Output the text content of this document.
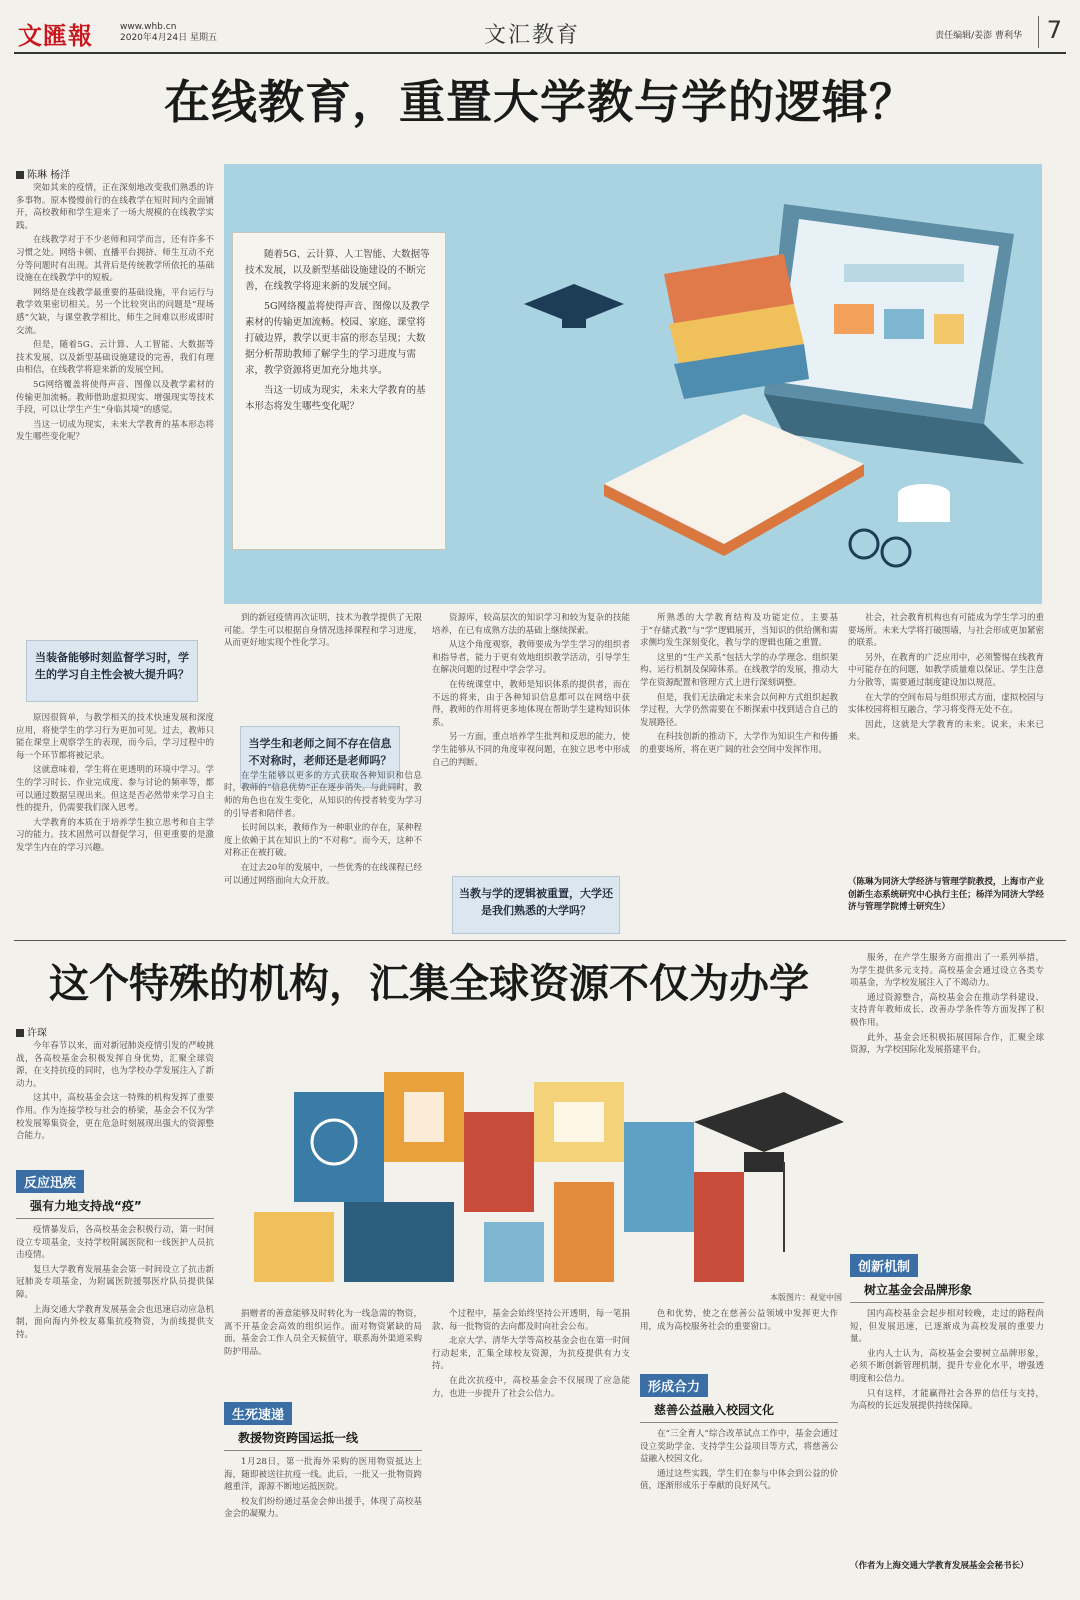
文匯報	www.whb.cn
2020年4月24日 星期五	文汇教育	责任编辑/姜澎 曹利华	7
在线教育，重置大学教与学的逻辑？
陈琳 杨洋

突如其来的疫情，正在深刻地改变我们熟悉的许多事物。原本慢慢前行的在线教学在短时间内全面铺开，高校教师和学生迎来了一场大规模的在线教学实践。

在线教学对于不少老师和同学而言，还有许多不习惯之处。网络卡顿、直播平台拥挤、师生互动不充分等问题时有出现。其背后是传统教学所依托的基础设施在在线教学中的短板。

网络是在线教学最重要的基础设施，平台运行与教学效果密切相关。另一个比较突出的问题是“现场感”欠缺，与课堂教学相比，师生之间难以形成即时交流。

但是，随着5G、云计算、人工智能、大数据等技术发展，以及新型基础设施建设的完善，我们有理由相信，在线教学将迎来新的发展空间。

5G网络覆盖将使得声音、图像以及教学素材的传输更加流畅。教师借助虚拟现实、增强现实等技术手段，可以让学生产生“身临其境”的感觉。

当这一切成为现实，未来大学教育的基本形态将发生哪些变化呢？

随着5G、云计算、人工智能、大数据等技术发展，以及新型基础设施建设的不断完善，在线教学将迎来新的发展空间。

5G网络覆盖将使得声音、图像以及教学素材的传输更加流畅。校园、家庭、课堂将打破边界，教学以更丰富的形态呈现；大数据分析帮助教师了解学生的学习进度与需求，教学资源将更加充分地共享。

当这一切成为现实，未来大学教育的基本形态将发生哪些变化呢？

当装备能够时刻监督学习时，学生的学习自主性会被大提升吗？
当学生和老师之间不存在信息不对称时，老师还是老师吗？
当教与学的逻辑被重置，大学还是我们熟悉的大学吗？

原因很简单，与教学相关的技术快速发展和深度应用，将使学生的学习行为更加可见。过去，教师只能在课堂上观察学生的表现，而今后，学习过程中的每一个环节都将被记录。

这就意味着，学生将在更透明的环境中学习。学生的学习时长、作业完成度、参与讨论的频率等，都可以通过数据呈现出来。但这是否必然带来学习自主性的提升，仍需要我们深入思考。

大学教育的本质在于培养学生独立思考和自主学习的能力。技术固然可以督促学习，但更重要的是激发学生内在的学习兴趣。

到的新冠疫情再次证明，技术为教学提供了无限可能。学生可以根据自身情况选择课程和学习进度，从而更好地实现个性化学习。

在学生能够以更多的方式获取各种知识和信息时，教师的“信息优势”正在逐步消失。与此同时，教师的角色也在发生变化，从知识的传授者转变为学习的引导者和陪伴者。

长时间以来，教师作为一种职业的存在，某种程度上依赖于其在知识上的“不对称”。而今天，这种不对称正在被打破。

在过去20年的发展中，一些优秀的在线课程已经可以通过网络面向大众开放。

资源库，较高层次的知识学习和较为复杂的技能培养，在已有成熟方法的基础上继续探索。

从这个角度观察，教师要成为学生学习的组织者和指导者，能力于更有效地组织教学活动，引导学生在解决问题的过程中学会学习。

在传统课堂中，教师是知识体系的提供者，而在不远的将来，由于各种知识信息都可以在网络中获得，教师的作用将更多地体现在帮助学生建构知识体系。

另一方面，重点培养学生批判和反思的能力，使学生能够从不同的角度审视问题，在独立思考中形成自己的判断。

所熟悉的大学教育结构及功能定位，主要基于“存储式教”与“学”逻辑展开，当知识的供给侧和需求侧均发生深刻变化，教与学的逻辑也随之重置。

这里的“生产关系”包括大学的办学理念、组织架构、运行机制及保障体系。在线教学的发展，推动大学在资源配置和管理方式上进行深刻调整。

但是，我们无法确定未来会以何种方式组织起教学过程，大学仍然需要在不断探索中找到适合自己的发展路径。

在科技创新的推动下，大学作为知识生产和传播的重要场所，将在更广阔的社会空间中发挥作用。

社会，社会教育机构也有可能成为学生学习的重要场所。未来大学将打破围墙，与社会形成更加紧密的联系。

另外，在教育的广泛应用中，必须警惕在线教育中可能存在的问题，如教学质量难以保证、学生注意力分散等，需要通过制度建设加以规范。

在大学的空间布局与组织形式方面，虚拟校园与实体校园将相互融合，学习将变得无处不在。

因此，这就是大学教育的未来。说来，未来已来。

（陈琳为同济大学经济与管理学院教授，上海市产业创新生态系统研究中心执行主任；杨洋为同济大学经济与管理学院博士研究生）
这个特殊的机构，汇集全球资源不仅为办学
许琛

今年春节以来，面对新冠肺炎疫情引发的严峻挑战，各高校基金会积极发挥自身优势，汇聚全球资源，在支持抗疫的同时，也为学校办学发展注入了新动力。

这其中，高校基金会这一特殊的机构发挥了重要作用。作为连接学校与社会的桥梁，基金会不仅为学校发展筹集资金，更在危急时刻展现出强大的资源整合能力。

反应迅疾
强有力地支持战“疫”

疫情暴发后，各高校基金会积极行动，第一时间设立专项基金，支持学校附属医院和一线医护人员抗击疫情。

复旦大学教育发展基金会第一时间设立了抗击新冠肺炎专项基金，为附属医院援鄂医疗队员提供保障。

上海交通大学教育发展基金会也迅速启动应急机制，面向海内外校友募集抗疫物资，为前线提供支持。

本版图片：视觉中国

捐赠者的善意能够及时转化为一线急需的物资，离不开基金会高效的组织运作。面对物资紧缺的局面，基金会工作人员全天候值守，联系海外渠道采购防护用品。

生死速递
教援物资跨国运抵一线

1月28日，第一批海外采购的医用物资抵达上海，随即被送往抗疫一线。此后，一批又一批物资跨越重洋，源源不断地运抵医院。

校友们纷纷通过基金会伸出援手，体现了高校基金会的凝聚力。

个过程中，基金会始终坚持公开透明，每一笔捐款、每一批物资的去向都及时向社会公布。

北京大学、清华大学等高校基金会也在第一时间行动起来，汇集全球校友资源，为抗疫提供有力支持。

在此次抗疫中，高校基金会不仅展现了应急能力，也进一步提升了社会公信力。

色和优势，使之在慈善公益领域中发挥更大作用，成为高校服务社会的重要窗口。

形成合力
慈善公益融入校园文化

在“三全育人”综合改革试点工作中，基金会通过设立奖助学金、支持学生公益项目等方式，将慈善公益融入校园文化。

通过这些实践，学生们在参与中体会到公益的价值，逐渐形成乐于奉献的良好风气。

服务，在产学生服务方面推出了一系列举措，为学生提供多元支持。高校基金会通过设立各类专项基金，为学校发展注入了不竭动力。

通过资源整合，高校基金会在推动学科建设、支持青年教师成长、改善办学条件等方面发挥了积极作用。

此外，基金会还积极拓展国际合作，汇聚全球资源，为学校国际化发展搭建平台。

创新机制
树立基金会品牌形象

国内高校基金会起步相对较晚，走过的路程尚短，但发展迅速，已逐渐成为高校发展的重要力量。

业内人士认为，高校基金会要树立品牌形象，必须不断创新管理机制，提升专业化水平，增强透明度和公信力。

只有这样，才能赢得社会各界的信任与支持，为高校的长远发展提供持续保障。

（作者为上海交通大学教育发展基金会秘书长）
